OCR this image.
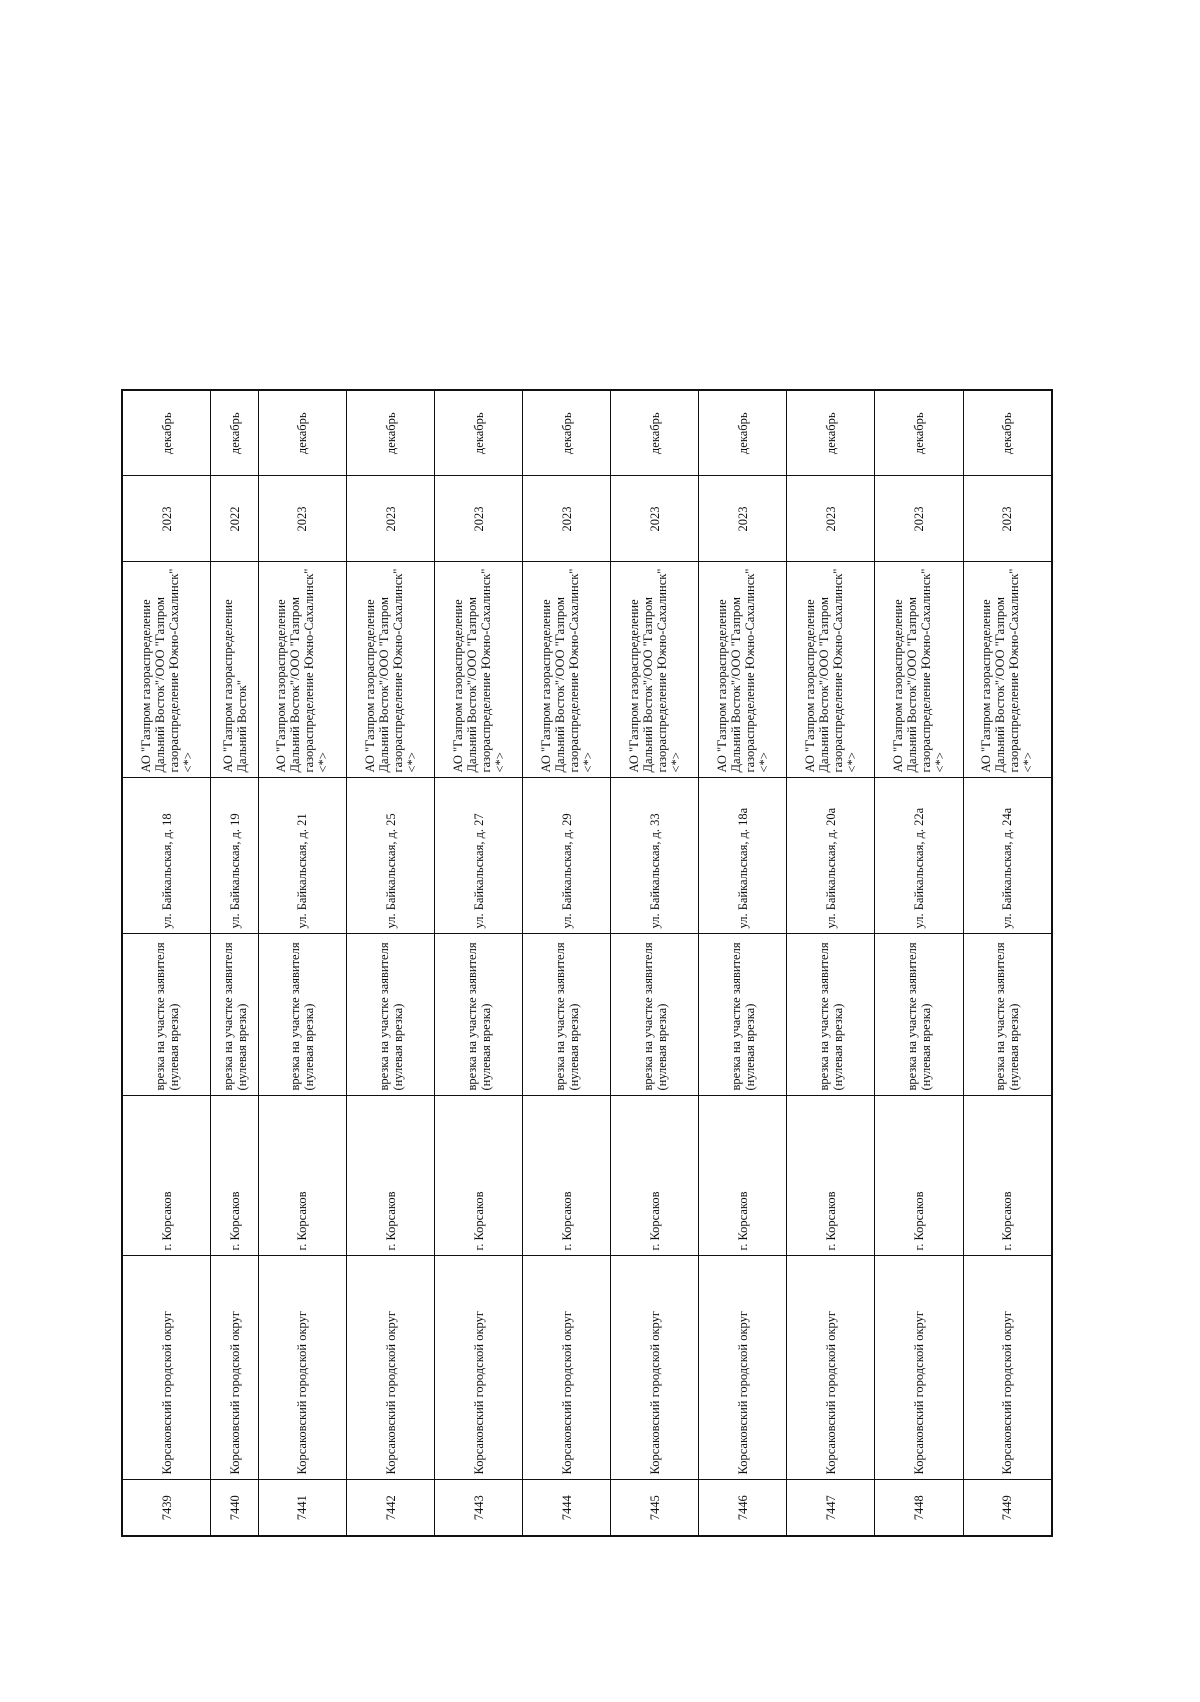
7439	Корсаковский городской округ	г. Корсаков	врезка на участке заявителя (нулевая врезка)	ул. Байкальская, д. 18	АО "Газпром газораспределение Дальний Восток"/ООО "Газпром газораспределение Южно-Сахалинск" <*>	2023	декабрь
7440	Корсаковский городской округ	г. Корсаков	врезка на участке заявителя (нулевая врезка)	ул. Байкальская, д. 19	АО "Газпром газораспределение Дальний Восток"	2022	декабрь
7441	Корсаковский городской округ	г. Корсаков	врезка на участке заявителя (нулевая врезка)	ул. Байкальская, д. 21	АО "Газпром газораспределение Дальний Восток"/ООО "Газпром газораспределение Южно-Сахалинск" <*>	2023	декабрь
7442	Корсаковский городской округ	г. Корсаков	врезка на участке заявителя (нулевая врезка)	ул. Байкальская, д. 25	АО "Газпром газораспределение Дальний Восток"/ООО "Газпром газораспределение Южно-Сахалинск" <*>	2023	декабрь
7443	Корсаковский городской округ	г. Корсаков	врезка на участке заявителя (нулевая врезка)	ул. Байкальская, д. 27	АО "Газпром газораспределение Дальний Восток"/ООО "Газпром газораспределение Южно-Сахалинск" <*>	2023	декабрь
7444	Корсаковский городской округ	г. Корсаков	врезка на участке заявителя (нулевая врезка)	ул. Байкальская, д. 29	АО "Газпром газораспределение Дальний Восток"/ООО "Газпром газораспределение Южно-Сахалинск" <*>	2023	декабрь
7445	Корсаковский городской округ	г. Корсаков	врезка на участке заявителя (нулевая врезка)	ул. Байкальская, д. 33	АО "Газпром газораспределение Дальний Восток"/ООО "Газпром газораспределение Южно-Сахалинск" <*>	2023	декабрь
7446	Корсаковский городской округ	г. Корсаков	врезка на участке заявителя (нулевая врезка)	ул. Байкальская, д. 18а	АО "Газпром газораспределение Дальний Восток"/ООО "Газпром газораспределение Южно-Сахалинск" <*>	2023	декабрь
7447	Корсаковский городской округ	г. Корсаков	врезка на участке заявителя (нулевая врезка)	ул. Байкальская, д. 20а	АО "Газпром газораспределение Дальний Восток"/ООО "Газпром газораспределение Южно-Сахалинск" <*>	2023	декабрь
7448	Корсаковский городской округ	г. Корсаков	врезка на участке заявителя (нулевая врезка)	ул. Байкальская, д. 22а	АО "Газпром газораспределение Дальний Восток"/ООО "Газпром газораспределение Южно-Сахалинск" <*>	2023	декабрь
7449	Корсаковский городской округ	г. Корсаков	врезка на участке заявителя (нулевая врезка)	ул. Байкальская, д. 24а	АО "Газпром газораспределение Дальний Восток"/ООО "Газпром газораспределение Южно-Сахалинск" <*>	2023	декабрь
